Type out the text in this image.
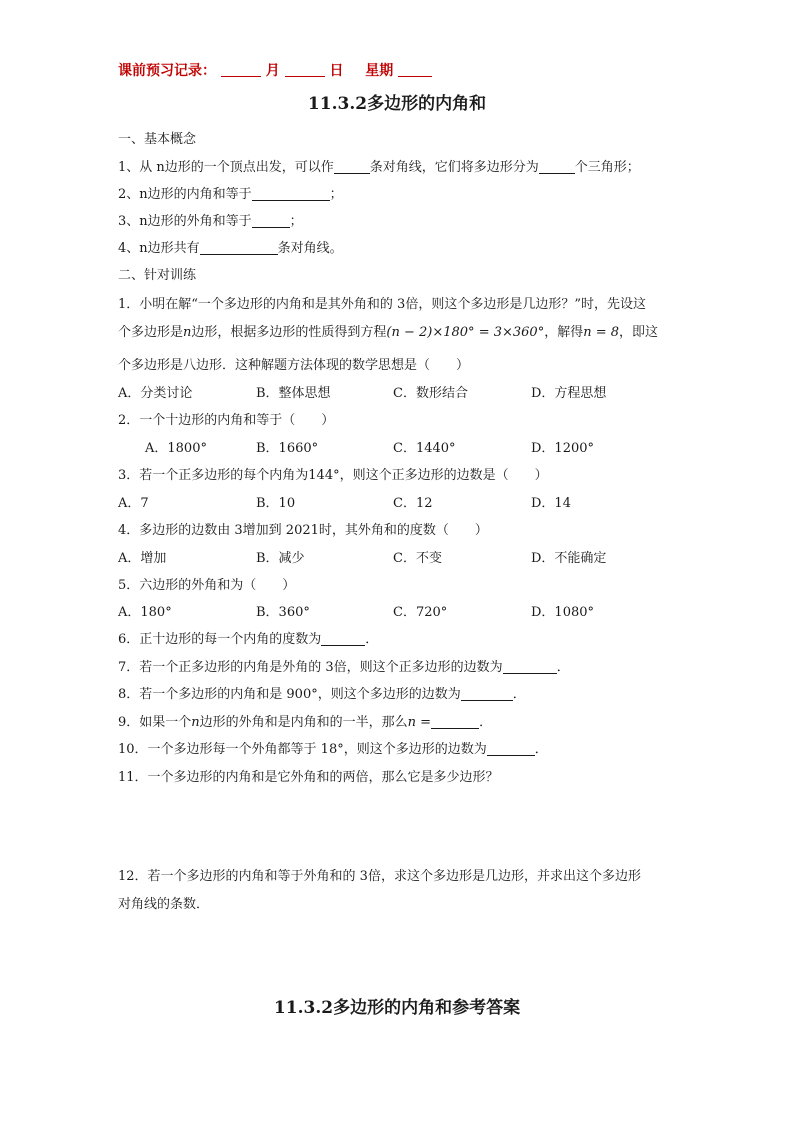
课前预习记录：	月	日 星期
11.3.2多边形的内角和
一、基本概念
1、从 n边形的一个顶点出发，可以作	条对角线，它们将多边形分为	个三角形；
2、n边形的内角和等于	；
3、n边形的外角和等于	；
4、n边形共有	条对角线。
二、针对训练
1．小明在解“一个多边形的内角和是其外角和的 3倍，则这个多边形是几边形？”时，先设这
个多边形是n边形，根据多边形的性质得到方程(n − 2)×180° = 3×360°，解得n = 8，即这
个多边形是八边形．这种解题方法体现的数学思想是（　　）
A．分类讨论	B．整体思想	C．数形结合	D．方程思想
2．一个十边形的内角和等于（　　）
A．1800°	B．1660°	C．1440°	D．1200°
3．若一个正多边形的每个内角为144°，则这个正多边形的边数是（　　）
A．7	B．10	C．12	D．14
4．多边形的边数由 3增加到 2021时，其外角和的度数（　　）
A．增加	B．减少	C．不变	D．不能确定
5．六边形的外角和为（　　）
A．180°	B．360°	C．720°	D．1080°
6．正十边形的每一个内角的度数为	．
7．若一个正多边形的内角是外角的 3倍，则这个正多边形的边数为	．
8．若一个多边形的内角和是 900°，则这个多边形的边数为	．
9．如果一个n边形的外角和是内角和的一半，那么n =	．
10．一个多边形每一个外角都等于 18°，则这个多边形的边数为	．
11．一个多边形的内角和是它外角和的两倍，那么它是多少边形？
12．若一个多边形的内角和等于外角和的 3倍，求这个多边形是几边形，并求出这个多边形
对角线的条数．
11.3.2多边形的内角和参考答案
